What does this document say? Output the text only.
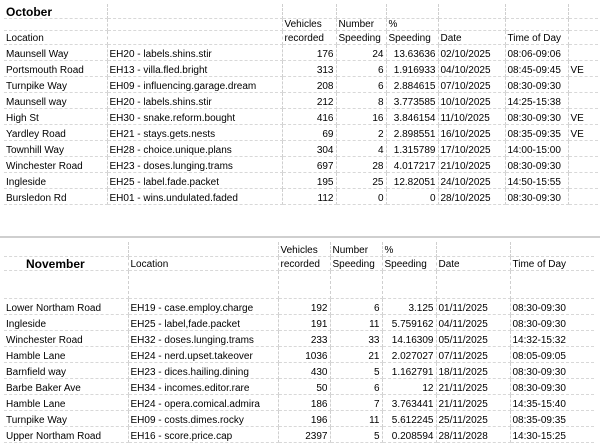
October							
		Vehicles	Number	%			
Location		recorded	Speeding	Speeding	Date	Time of Day	
Maunsell Way	EH20 - labels.shins.stir	176	24	13.63636	02/10/2025	08:06-09:06	
Portsmouth Road	EH13 - villa.fled.bright	313	6	1.916933	04/10/2025	08:45-09:45	VE
Turnpike Way	EH09 - influencing.garage.dream	208	6	2.884615	07/10/2025	08:30-09:30	
Maunsell way	EH20 - labels.shins.stir	212	8	3.773585	10/10/2025	14:25-15:38	
High St	EH30 - snake.reform.bought	416	16	3.846154	11/10/2025	08:30-09:30	VE
Yardley Road	EH21 - stays.gets.nests	69	2	2.898551	16/10/2025	08:35-09:35	VE
Townhill Way	EH28 - choice.unique.plans	304	4	1.315789	17/10/2025	14:00-15:00	
Winchester Road	EH23 - doses.lunging.trams	697	28	4.017217	21/10/2025	08:30-09:30	
Ingleside	EH25 - label.fade.packet	195	25	12.82051	24/10/2025	14:50-15:55	
Bursledon Rd	EH01 - wins.undulated.faded	112	0	0	28/10/2025	08:30-09:30	
		Vehicles	Number	%		
November	Location	recorded	Speeding	Speeding	Date	Time of Day

Lower Northam Road	EH19 - case.employ.charge	192	6	3.125	01/11/2025	08:30-09:30
Ingleside	EH25 - label,fade.packet	191	11	5.759162	04/11/2025	08:30-09:30
Winchester Road	EH32 - doses.lunging.trams	233	33	14.16309	05/11/2025	14:32-15:32
Hamble Lane	EH24 - nerd.upset.takeover	1036	21	2.027027	07/11/2025	08:05-09:05
Barnfield way	EH23 - dices.hailing.dining	430	5	1.162791	18/11/2025	08:30-09:30
Barbe Baker Ave	EH34 - incomes.editor.rare	50	6	12	21/11/2025	08:30-09:30
Hamble Lane	EH24 - opera.comical.admira	186	7	3.763441	21/11/2025	14:35-15:40
Turnpike Way	EH09 - costs.dimes.rocky	196	11	5.612245	25/11/2025	08:35-09:35
Upper Northam Road	EH16 - score.price.cap	2397	5	0.208594	28/11/2028	14:30-15:25
